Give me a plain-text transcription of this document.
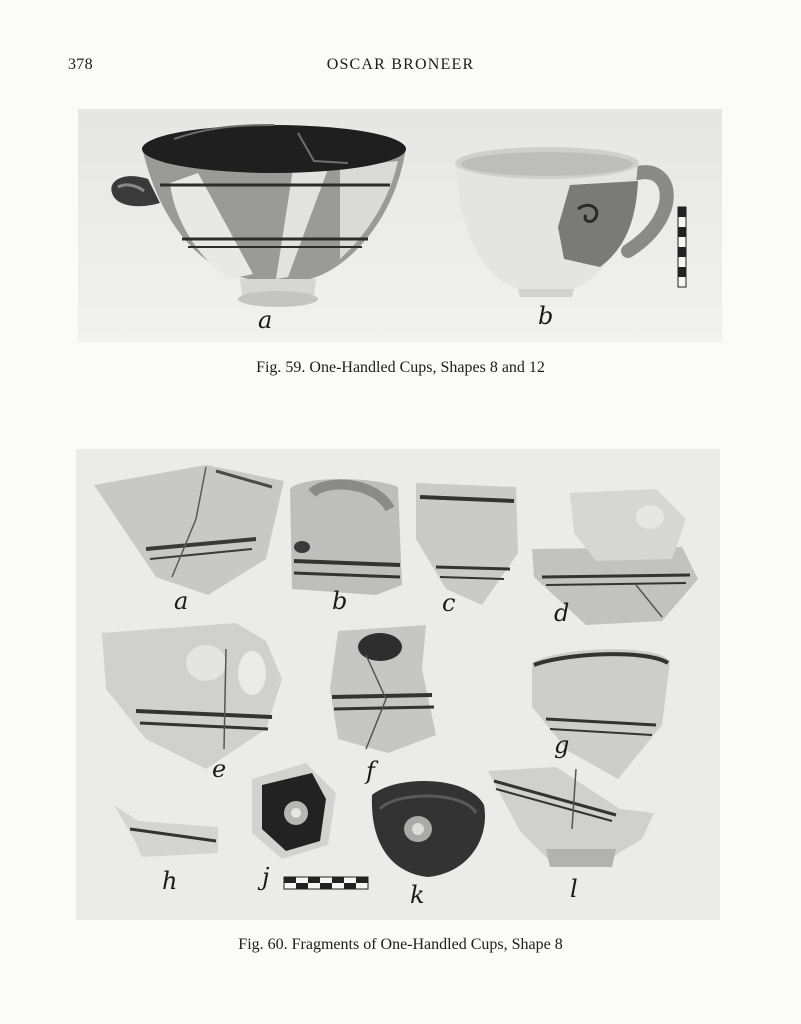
378	OSCAR BRONEER
a	b
Fig. 59. One-Handled Cups, Shapes 8 and 12
a	b	c	d
e	f
g
h	j
k	l
Fig. 60. Fragments of One-Handled Cups, Shape 8
